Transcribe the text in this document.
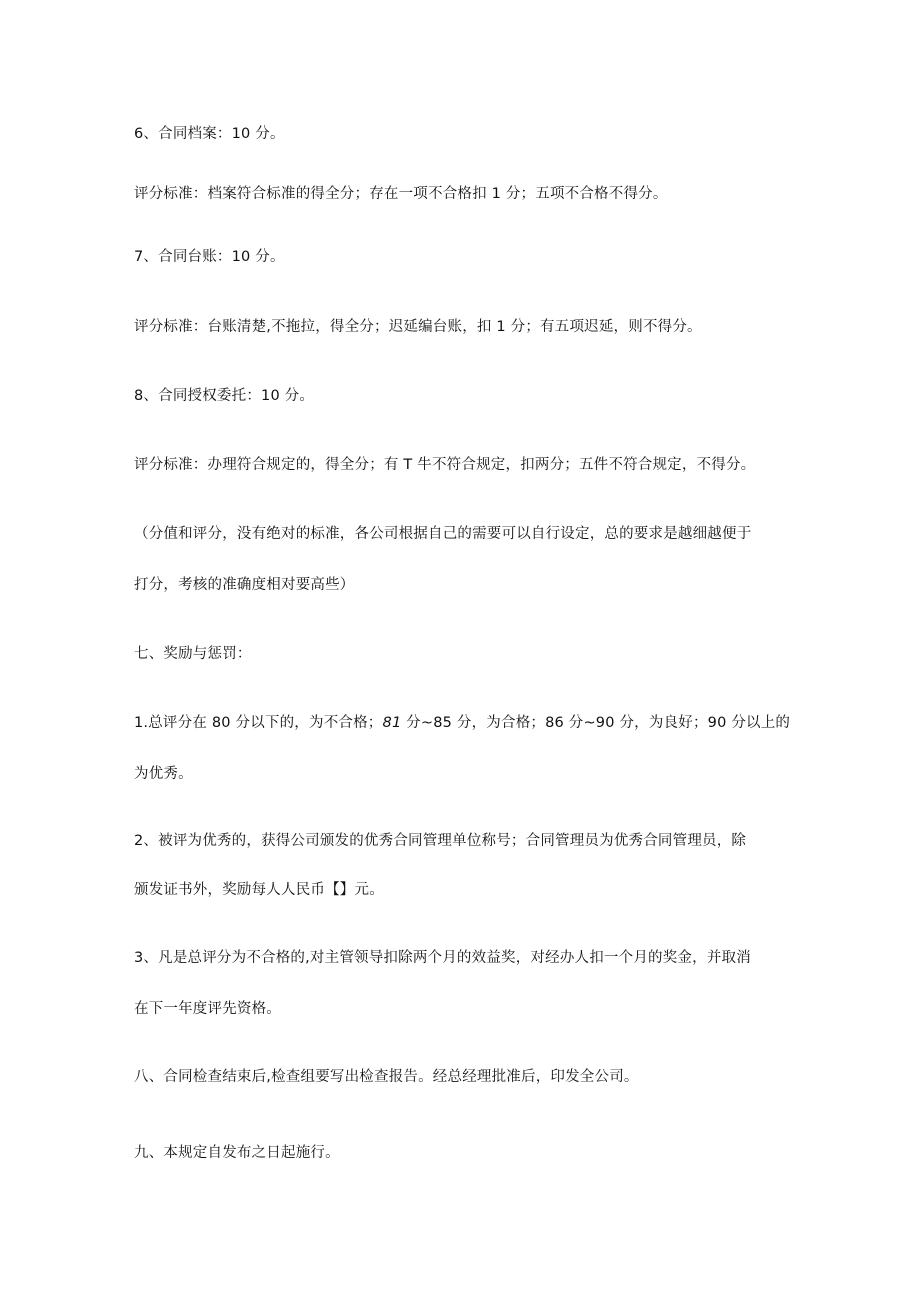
6、合同档案：10 分。
评分标准：档案符合标准的得全分；存在一项不合格扣 1 分；五项不合格不得分。
7、合同台账：10 分。
评分标准：台账清楚,不拖拉，得全分；迟延编台账，扣 1 分；有五项迟延，则不得分。
8、合同授权委托：10 分。
评分标准：办理符合规定的，得全分；有 T 牛不符合规定，扣两分；五件不符合规定，不得分。
（分值和评分，没有绝对的标准，各公司根据自己的需要可以自行设定，总的要求是越细越便于
打分，考核的准确度相对要高些）
七、奖励与惩罚：
1.总评分在 80 分以下的，为不合格；81 分~85 分，为合格；86 分~90 分，为良好；90 分以上的
为优秀。
2、被评为优秀的，获得公司颁发的优秀合同管理单位称号；合同管理员为优秀合同管理员，除
颁发证书外，奖励每人人民币【】元。
3、凡是总评分为不合格的,对主管领导扣除两个月的效益奖，对经办人扣一个月的奖金，并取消
在下一年度评先资格。
八、合同检查结束后,检查组要写出检查报告。经总经理批准后，印发全公司。
九、本规定自发布之日起施行。
